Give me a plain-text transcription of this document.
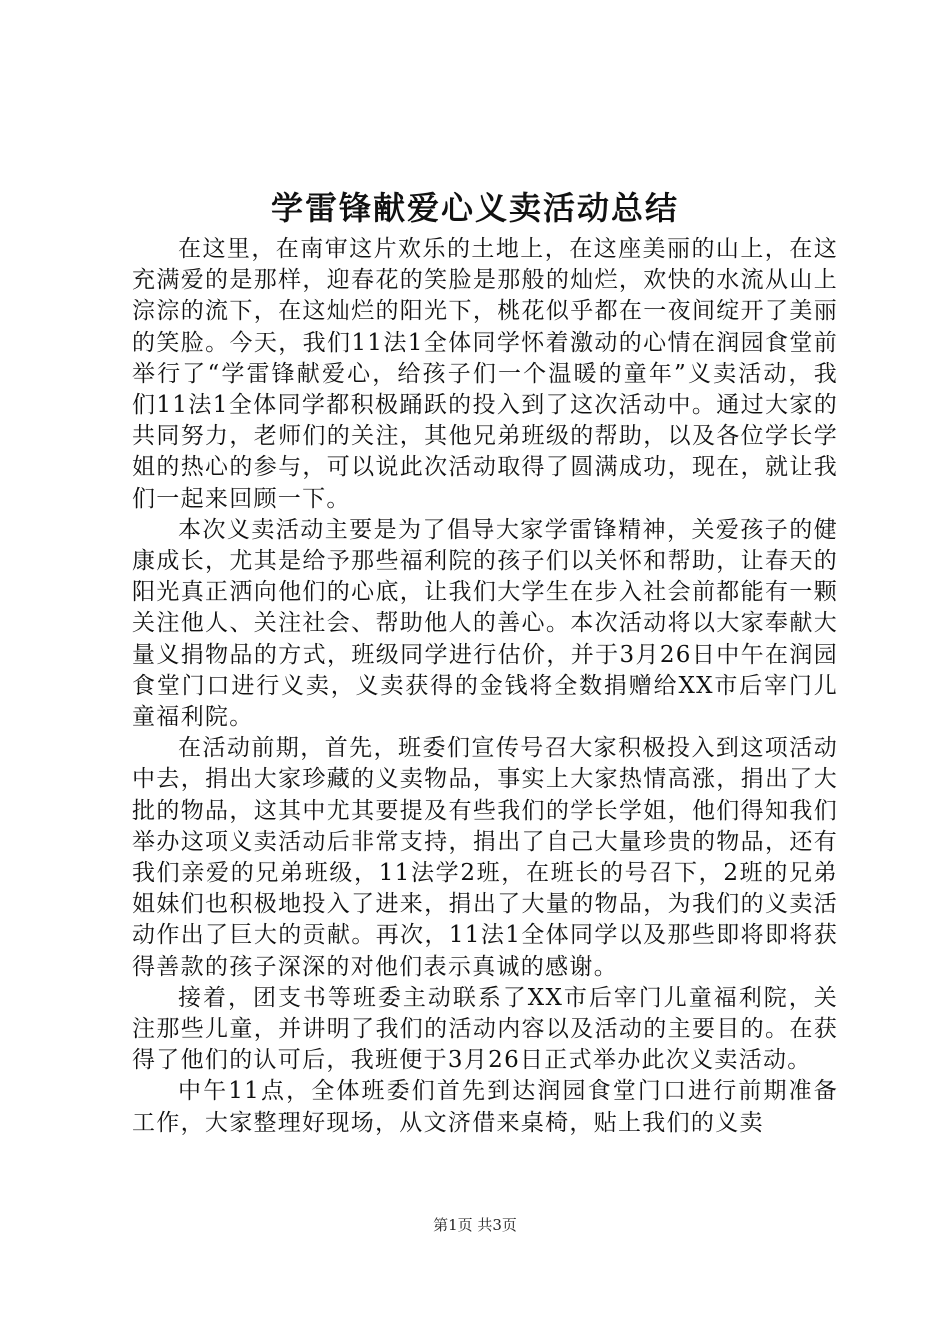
学雷锋献爱心义卖活动总结

在这里，在南审这片欢乐的土地上，在这座美丽的山上，在这充满爱的是那样，迎春花的笑脸是那般的灿烂，欢快的水流从山上淙淙的流下，在这灿烂的阳光下，桃花似乎都在一夜间绽开了美丽的笑脸。今天，我们11法1全体同学怀着激动的心情在润园食堂前举行了“学雷锋献爱心，给孩子们一个温暖的童年”义卖活动，我们11法1全体同学都积极踊跃的投入到了这次活动中。通过大家的共同努力，老师们的关注，其他兄弟班级的帮助，以及各位学长学姐的热心的参与，可以说此次活动取得了圆满成功，现在，就让我们一起来回顾一下。

本次义卖活动主要是为了倡导大家学雷锋精神，关爱孩子的健康成长，尤其是给予那些福利院的孩子们以关怀和帮助，让春天的阳光真正洒向他们的心底，让我们大学生在步入社会前都能有一颗关注他人、关注社会、帮助他人的善心。本次活动将以大家奉献大量义捐物品的方式，班级同学进行估价，并于3月26日中午在润园食堂门口进行义卖，义卖获得的金钱将全数捐赠给XX市后宰门儿童福利院。

在活动前期，首先，班委们宣传号召大家积极投入到这项活动中去，捐出大家珍藏的义卖物品，事实上大家热情高涨，捐出了大批的物品，这其中尤其要提及有些我们的学长学姐，他们得知我们举办这项义卖活动后非常支持，捐出了自己大量珍贵的物品，还有我们亲爱的兄弟班级，11法学2班，在班长的号召下，2班的兄弟姐妹们也积极地投入了进来，捐出了大量的物品，为我们的义卖活动作出了巨大的贡献。再次，11法1全体同学以及那些即将即将获得善款的孩子深深的对他们表示真诚的感谢。

接着，团支书等班委主动联系了XX市后宰门儿童福利院，关注那些儿童，并讲明了我们的活动内容以及活动的主要目的。在获得了他们的认可后，我班便于3月26日正式举办此次义卖活动。

中午11点，全体班委们首先到达润园食堂门口进行前期准备工作，大家整理好现场，从文济借来桌椅，贴上我们的义卖

第1页 共3页
